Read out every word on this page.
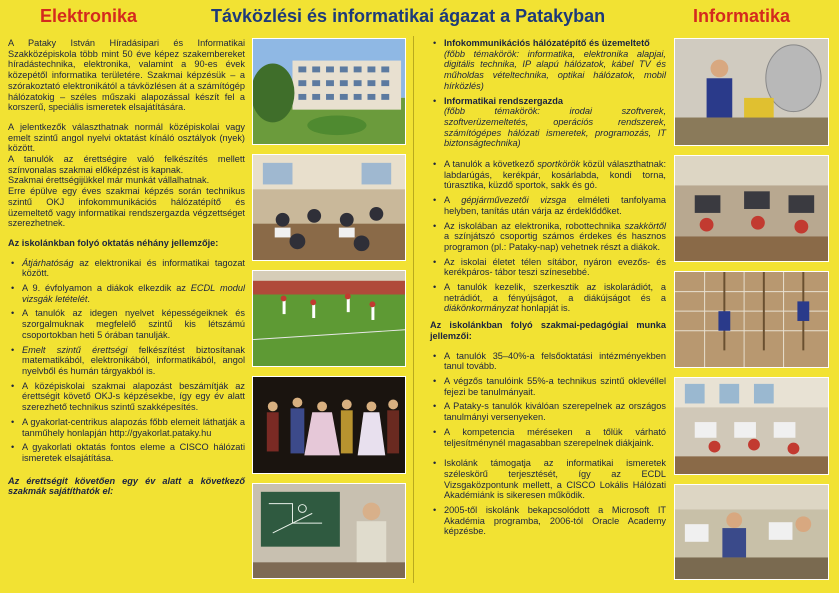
Elektronika	Távközlési és informatikai ágazat a Patakyban	Informatika

A Pataky István Híradásipari és Informatikai Szakközépiskola több mint 50 éve képez szakembereket híradástechnika, elektronika, valamint a 90-es évek közepétől informatika területére. Szakmai képzésük – a szórakoztató elektronikától a távközlésen át a számítógép hálózatokig – széles műszaki alapozással készít fel a korszerű, speciális ismeretek elsajátítására.

A jelentkezők választhatnak normál középiskolai vagy emelt szintű angol nyelvi oktatást kínáló osztályok (nyek) között.

A tanulók az érettségire való felkészítés mellett színvonalas szakmai előképzést is kapnak.

Szakmai érettségijükkel már munkát vállalhatnak.

Erre épülve egy éves szakmai képzés során technikus szintű OKJ infokommunikációs hálózatépítő és üzemeltető vagy informatikai rendszergazda végzettséget szerezhetnek.

Az iskolánkban folyó oktatás néhány jellemzője:

• Átjárhatóság az elektronikai és informatikai tagozat között.
• A 9. évfolyamon a diákok elkezdik az ECDL modul vizsgák letételét.
• A tanulók az idegen nyelvet képességeiknek és szorgalmuknak megfelelő szintű kis létszámú csoportokban heti 5 órában tanulják.
• Emelt szintű érettségi felkészítést biztosítanak matematikából, elektronikából, informatikából, angol nyelvből és humán tárgyakból is.
• A középiskolai szakmai alapozást beszámítják az érettségit követő OKJ-s képzésekbe, így egy év alatt szerezhető technikus szintű szakképesítés.
• A gyakorlat-centrikus alapozás főbb elemeit láthatják a tanműhely honlapján http://gyakorlat.pataky.hu
• A gyakorlati oktatás fontos eleme a CISCO hálózati ismeretek elsajátítása.

Az érettségit követően egy év alatt a következő szakmák sajátíthatók el:

• Infokommunikációs hálózatépítő és üzemeltető
(főbb témakörök: informatika, elektronika alapjai, digitális technika, IP alapú hálózatok, kábel TV és műholdas vételtechnika, optikai hálózatok, mobil hírközlés)
• Informatikai rendszergazda
(főbb témakörök: irodai szoftverek, szoftverüzemeltetés, operációs rendszerek, számítógépes hálózati ismeretek, programozás, IT biztonságtechnika)
• A tanulók a következő sportkörök közül választhatnak: labdarúgás, kerékpár, kosárlabda, kondi torna, túrasztika, küzdő sportok, sakk és gó.
• A gépjárművezetői vizsga elméleti tanfolyama helyben, tanítás után várja az érdeklődőket.
• Az iskolában az elektronika, robottechnika szakkörtől a színjátszó csoportig számos érdekes és hasznos programon (pl.: Pataky-nap) vehetnek részt a diákok.
• Az iskolai életet télen sítábor, nyáron evezős- és kerékpáros- tábor teszi színesebbé.
• A tanulók kezelik, szerkesztik az iskolarádiót, a netrádiót, a fényújságot, a diákújságot és a diákönkormányzat honlapját is.

Az iskolánkban folyó szakmai-pedagógiai munka jellemzői:

• A tanulók 35–40%-a felsőoktatási intézményekben tanul tovább.
• A végzős tanulóink 55%-a technikus szintű oklevéllel fejezi be tanulmányait.
• A Pataky-s tanulók kiválóan szerepelnek az országos tanulmányi versenyeken.
• A kompetencia méréseken a tőlük várható teljesítménynél magasabban szerepelnek diákjaink.
• Iskolánk támogatja az informatikai ismeretek széleskörű terjesztését, így az ECDL Vizsgaközpontunk mellett, a CISCO Lokális Hálózati Akadémiánk is sikeresen működik.
• 2005-től iskolánk bekapcsolódott a Microsoft IT Akadémia programba, 2006-tól Oracle Academy képzésbe.
